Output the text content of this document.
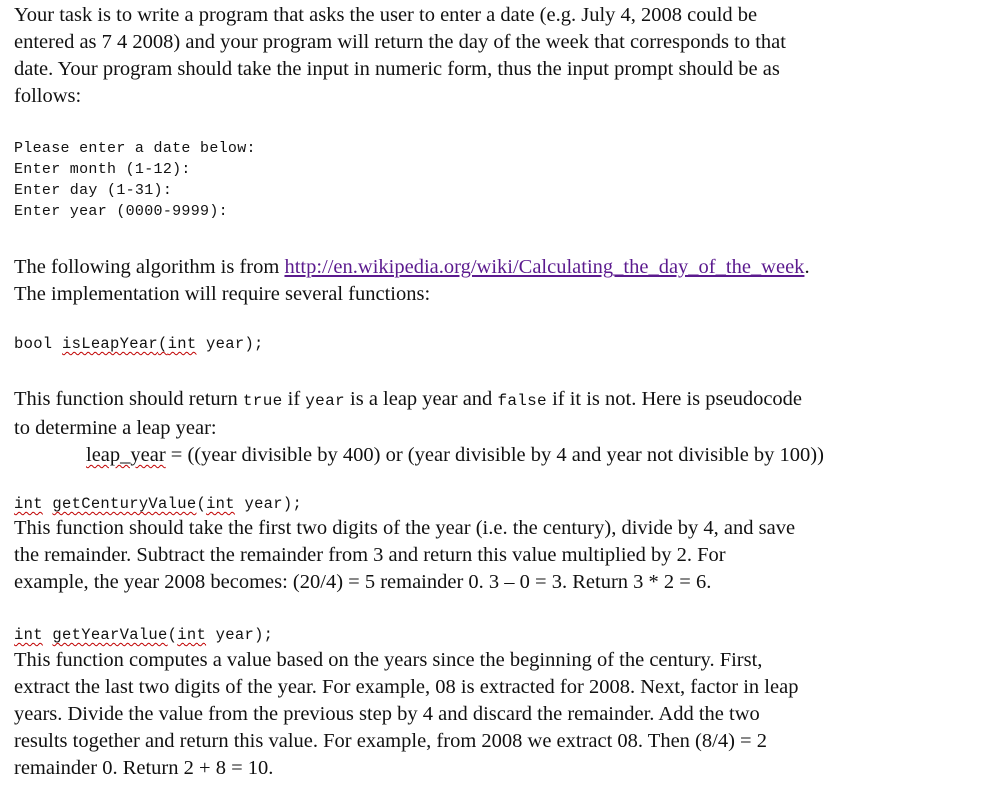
Your task is to write a program that asks the user to enter a date (e.g. July 4, 2008 could be

entered as 7 4 2008) and your program will return the day of the week that corresponds to that

date. Your program should take the input in numeric form, thus the input prompt should be as

follows:

Please enter a date below:

Enter month (1-12):

Enter day (1-31):

Enter year (0000-9999):

The following algorithm is from http://en.wikipedia.org/wiki/Calculating_the_day_of_the_week.

The implementation will require several functions:

bool isLeapYear(int year);

This function should return true if year is a leap year and false if it is not. Here is pseudocode

to determine a leap year:

leap_year = ((year divisible by 400) or (year divisible by 4 and year not divisible by 100))

int getCenturyValue(int year);

This function should take the first two digits of the year (i.e. the century), divide by 4, and save

the remainder. Subtract the remainder from 3 and return this value multiplied by 2. For

example, the year 2008 becomes: (20/4) = 5 remainder 0. 3 – 0 = 3. Return 3 * 2 = 6.

int getYearValue(int year);

This function computes a value based on the years since the beginning of the century. First,

extract the last two digits of the year. For example, 08 is extracted for 2008. Next, factor in leap

years. Divide the value from the previous step by 4 and discard the remainder. Add the two

results together and return this value. For example, from 2008 we extract 08. Then (8/4) = 2

remainder 0. Return 2 + 8 = 10.
